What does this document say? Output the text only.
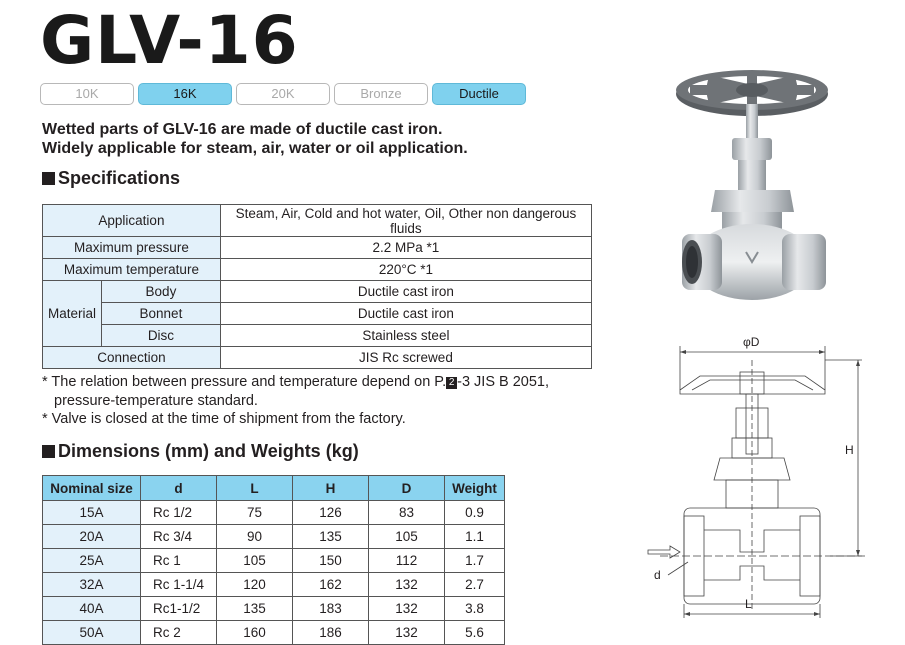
GLV-16
10K	16K	20K	Bronze	Ductile
Wetted parts of GLV-16 are made of ductile cast iron.
Widely applicable for steam, air, water or oil application.
Specifications
Application		Steam, Air, Cold and hot water, Oil, Other non dangerous fluids
Maximum pressure		2.2 MPa *1
Maximum temperature		220°C *1
Material	Body	Ductile cast iron
	Bonnet	Ductile cast iron
	Disc	Stainless steel
Connection		JIS Rc screwed
* The relation between pressure and temperature depend on P. 2 -3 JIS B 2051,
pressure-temperature standard.
* Valve is closed at the time of shipment from the factory.
Dimensions (mm) and Weights (kg)
Nominal size	d	L	H	D	Weight
15A	Rc 1/2	75	126	83	0.9
20A	Rc 3/4	90	135	105	1.1
25A	Rc 1	105	150	112	1.7
32A	Rc 1-1/4	120	162	132	2.7
40A	Rc1-1/2	135	183	132	3.8
50A	Rc 2	160	186	132	5.6
φD
H
d
L
